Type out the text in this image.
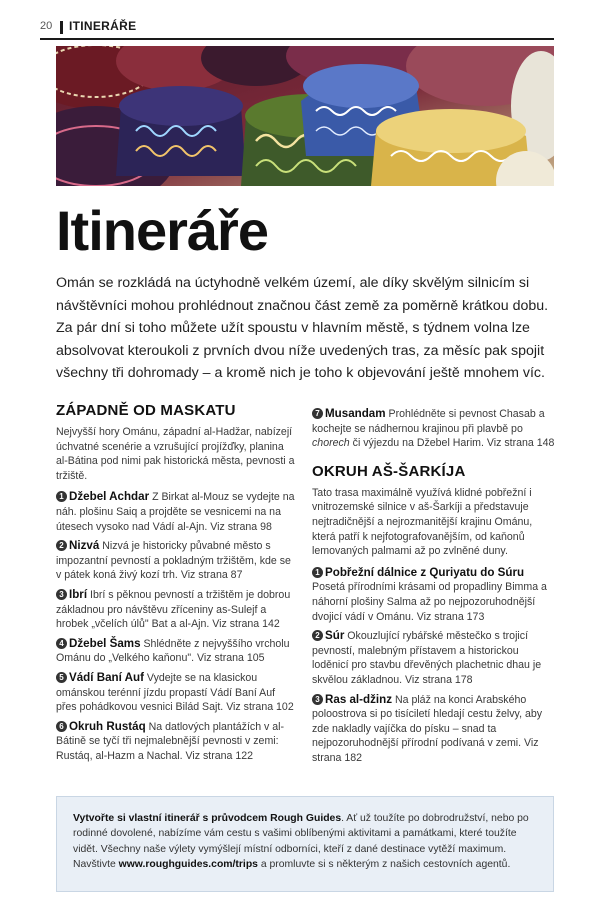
20 ITINERÁŘE
Itineráře

Omán se rozkládá na úctyhodně velkém území, ale díky skvělým silnicím si návštěvníci mohou prohlédnout značnou část země za poměrně krátkou dobu. Za pár dní si toho můžete užít spoustu v hlavním městě, s týdnem volna lze absolvovat kteroukoli z prvních dvou níže uvedených tras, za měsíc pak spojit všechny tři dohromady – a kromě nich je toho k objevování ještě mnohem víc.

ZÁPADNĚ OD MASKATU

Nejvyšší hory Ománu, západní al-Hadžar, nabízejí úchvatné scenérie a vzrušující projížďky, planina al-Bátina pod nimi pak historická města, pevnosti a tržiště.

1 Džebel Achdar Z Birkat al-Mouz se vydejte na náh. plošinu Saiq a projděte se vesnicemi na na útesech vysoko nad Vádí al-Ajn. Viz strana 98

2 Nizvá Nizvá je historicky půvabné město s impozantní pevností a pokladným tržištěm, kde se v pátek koná živý kozí trh. Viz strana 87

3 Ibrí Ibrí s pěknou pevností a tržištěm je dobrou základnou pro návštěvu zříceniny as-Sulejf a hrobek „včelích úlů" Bat a al-Ajn. Viz strana 142

4 Džebel Šams Shlédněte z nejvyššího vrcholu Ománu do „Velkého kaňonu". Viz strana 105

5 Vádí Baní Auf Vydejte se na klasickou ománskou terénní jízdu propastí Vádí Baní Auf přes pohádkovou vesnici Bilád Sajt. Viz strana 102

6 Okruh Rustáq Na datlových plantážích v al-Bátině se tyčí tři nejmalebnější pevnosti v zemi: Rustáq, al-Hazm a Nachal. Viz strana 122

7 Musandam Prohlédněte si pevnost Chasab a kochejte se nádhernou krajinou při plavbě po chorech či výjezdu na Džebel Harim. Viz strana 148

OKRUH AŠ-ŠARKÍJA

Tato trasa maximálně využívá klidné pobřežní i vnitrozemské silnice v aš-Šarkíji a představuje nejtradičnější a nejrozmanitější krajinu Ománu, která patří k nejfotografovanějším, od kaňonů lemovaných palmami až po zvlněné duny.

1 Pobřežní dálnice z Quriyatu do Súru Posetá přírodními krásami od propadliny Bimma a náhorní plošiny Salma až po nejpozoruhodnější dvojicí vádí v Ománu. Viz strana 173

2 Súr Okouzlující rybářské městečko s trojicí pevností, malebným přístavem a historickou loděnicí pro stavbu dřevěných plachetnic dhau je skvělou základnou. Viz strana 178

3 Ras al-džinz Na pláž na konci Arabského poloostrova si po tisíciletí hledají cestu želvy, aby zde nakladly vajíčka do písku – snad ta nejpozoruhodnější přírodní podívaná v zemi. Viz strana 182

Vytvořte si vlastní itinerář s průvodcem Rough Guides. Ať už toužíte po dobrodružství, nebo po rodinné dovolené, nabízíme vám cestu s vašimi oblíbenými aktivitami a památkami, které toužíte vidět. Všechny naše výlety vymýšlejí místní odborníci, kteří z dané destinace vytěží maximum. Navštivte www.roughguides.com/trips a promluvte si s některým z našich cestovních agentů.
